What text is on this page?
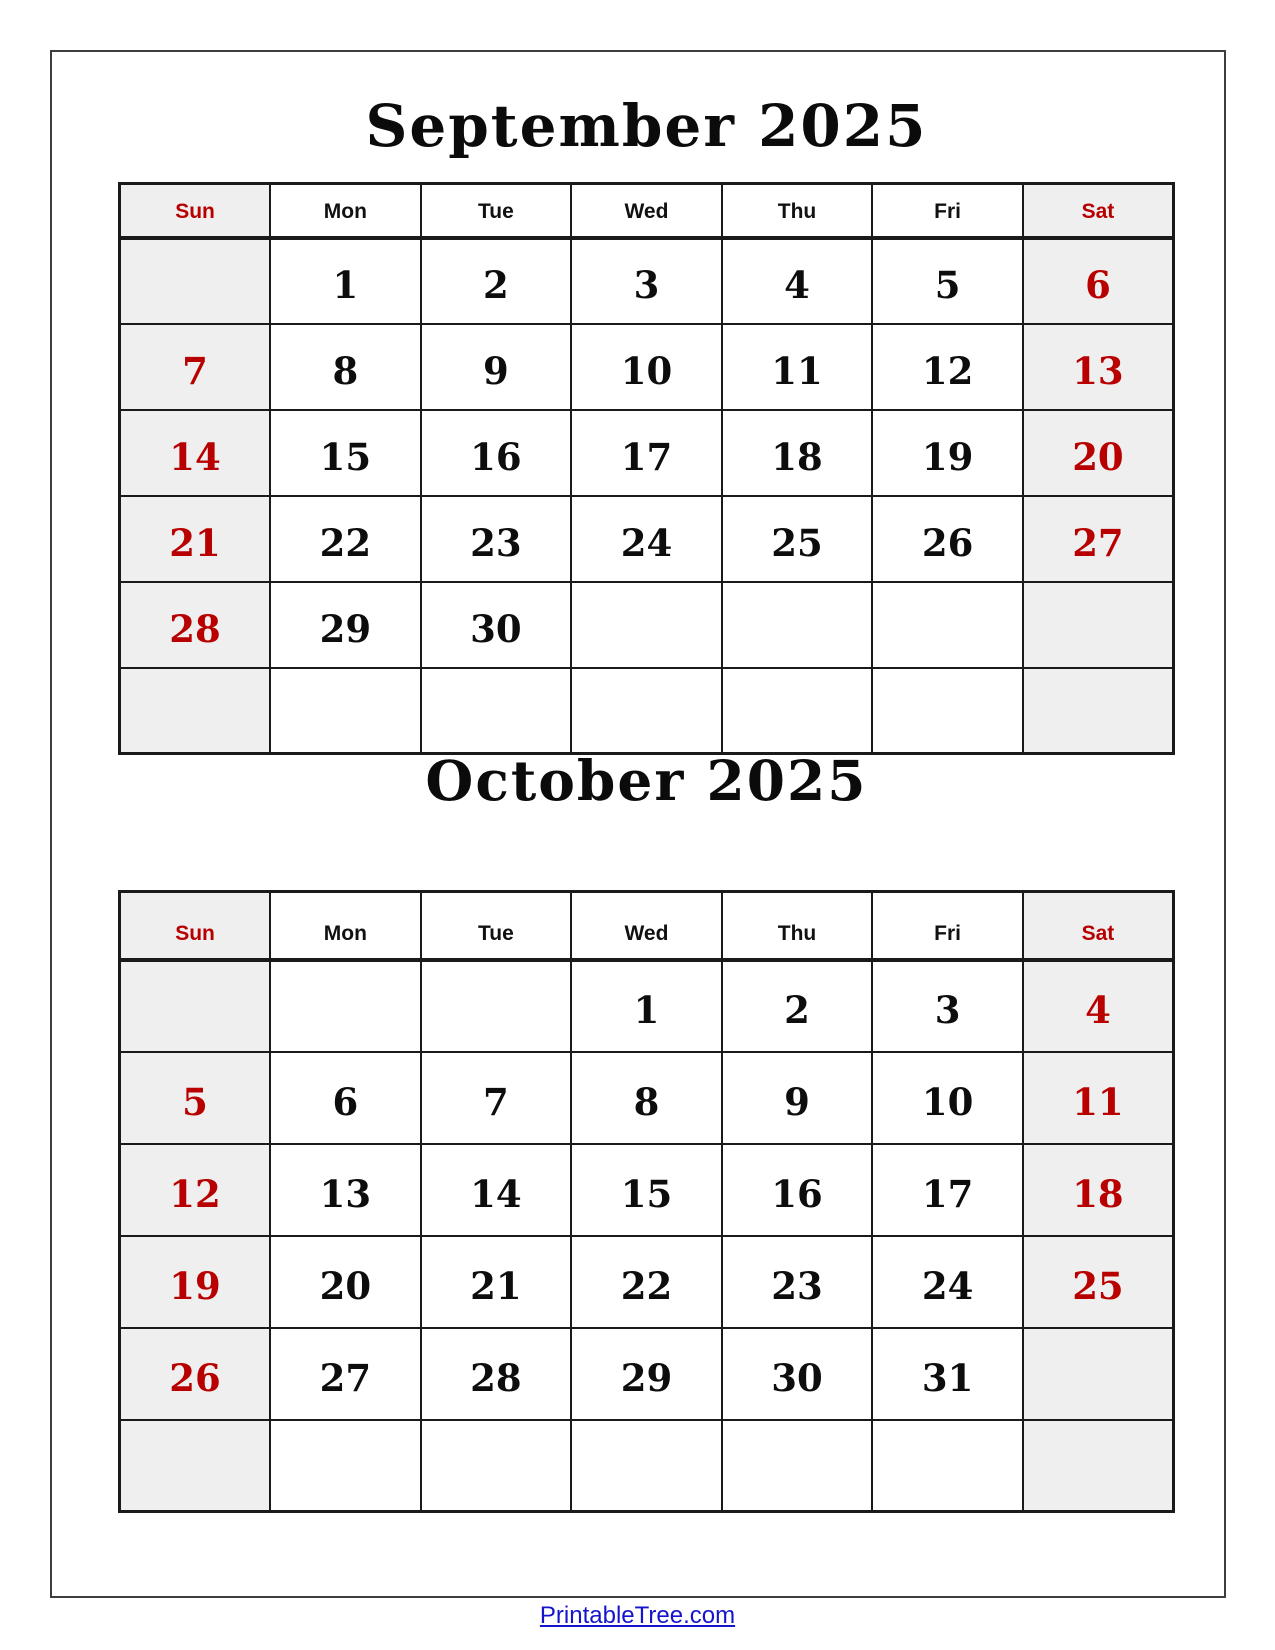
September 2025
Sun	Mon	Tue	Wed	Thu	Fri	Sat
	1	2	3	4	5	6
7	8	9	10	11	12	13
14	15	16	17	18	19	20
21	22	23	24	25	26	27
28	29	30				

October 2025
Sun	Mon	Tue	Wed	Thu	Fri	Sat
			1	2	3	4
5	6	7	8	9	10	11
12	13	14	15	16	17	18
19	20	21	22	23	24	25
26	27	28	29	30	31	

PrintableTree.com
